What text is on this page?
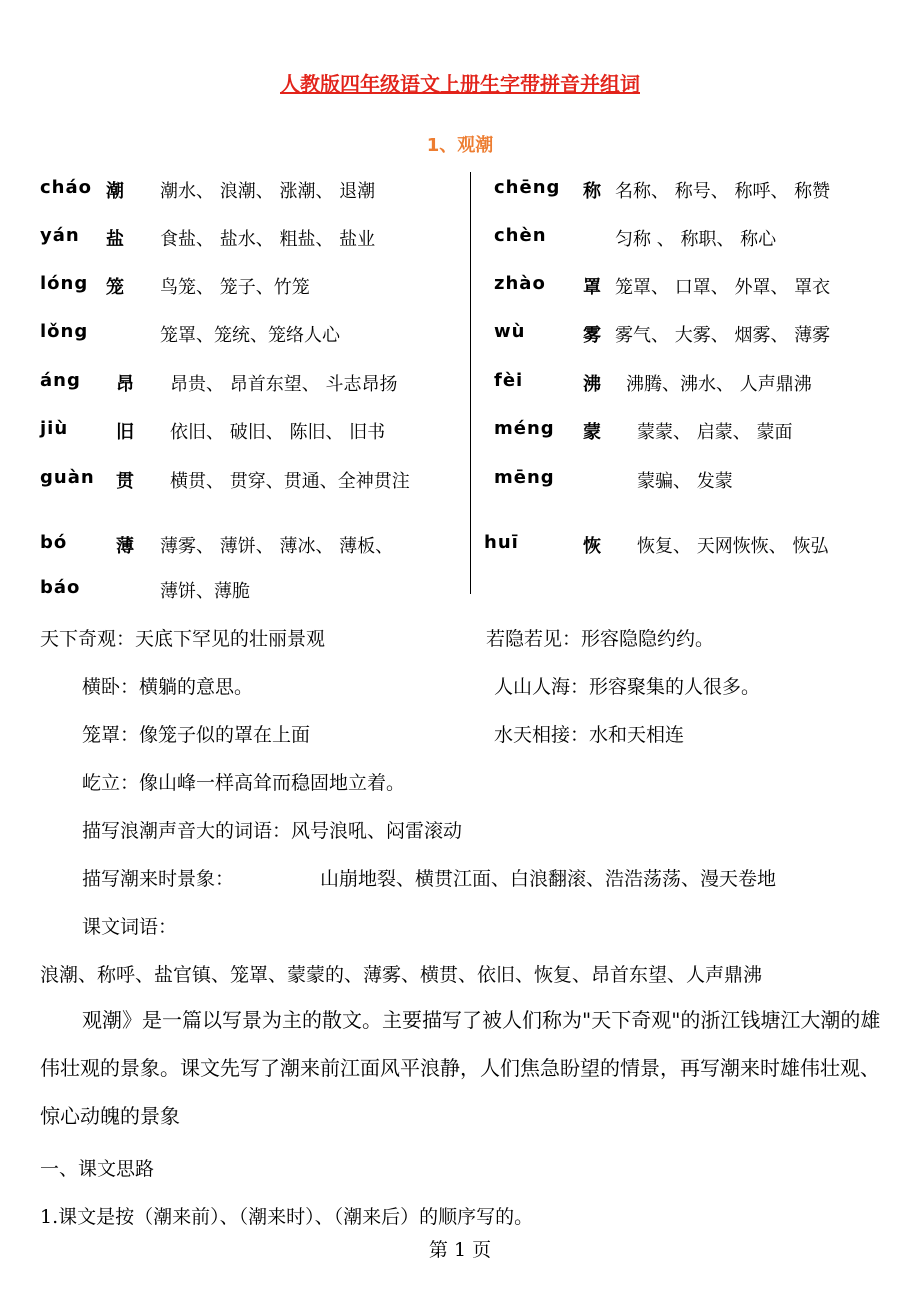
人教版四年级语文上册生字带拼音并组词
1、观潮
cháo 潮 潮水、 浪潮、 涨潮、 退潮
yán 盐 食盐、 盐水、 粗盐、 盐业
lóng 笼 鸟笼、 笼子、竹笼
lǒng	笼罩、笼统、笼络人心
áng 昂 昂贵、 昂首东望、 斗志昂扬
jiù	旧 依旧、 破旧、 陈旧、 旧书
guàn 贯 横贯、 贯穿、贯通、全神贯注
bó	薄 薄雾、 薄饼、 薄冰、 薄板、
báo	薄饼、薄脆
chēng 称 名称、 称号、 称呼、 称赞
chèn	匀称 、 称职、 称心
zhào 罩 笼罩、 口罩、 外罩、 罩衣
wù	雾 雾气、 大雾、 烟雾、 薄雾
fèi	沸 沸腾、沸水、 人声鼎沸
méng 蒙 蒙蒙、 启蒙、 蒙面
mēng	蒙骗、 发蒙
huī	恢 恢复、 天网恢恢、 恢弘
天下奇观：天底下罕见的壮丽景观	若隐若见：形容隐隐约约。
横卧：横躺的意思。	人山人海：形容聚集的人很多。
笼罩：像笼子似的罩在上面	水天相接：水和天相连
屹立：像山峰一样高耸而稳固地立着。
描写浪潮声音大的词语：风号浪吼、闷雷滚动
描写潮来时景象：	山崩地裂、横贯江面、白浪翻滚、浩浩荡荡、漫天卷地
课文词语：
浪潮、称呼、盐官镇、笼罩、蒙蒙的、薄雾、横贯、依旧、恢复、昂首东望、人声鼎沸
观潮》是一篇以写景为主的散文。主要描写了被人们称为"天下奇观"的浙江钱塘江大潮的雄伟壮观的景象。课文先写了潮来前江面风平浪静，人们焦急盼望的情景，再写潮来时雄伟壮观、惊心动魄的景象
一、课文思路
1.课文是按（潮来前）、（潮来时）、（潮来后）的顺序写的。
第 1 页
